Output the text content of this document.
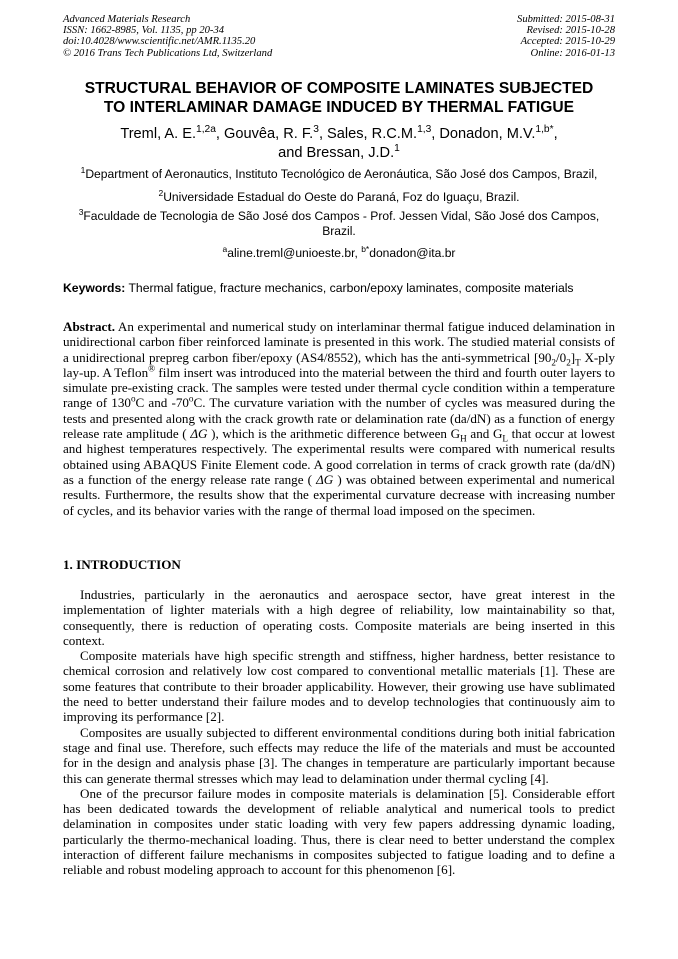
Advanced Materials Research
ISSN: 1662-8985, Vol. 1135, pp 20-34
doi:10.4028/www.scientific.net/AMR.1135.20
© 2016 Trans Tech Publications Ltd, Switzerland
Submitted: 2015-08-31
Revised: 2015-10-28
Accepted: 2015-10-29
Online: 2016-01-13
STRUCTURAL BEHAVIOR OF COMPOSITE LAMINATES SUBJECTED
TO INTERLAMINAR DAMAGE INDUCED BY THERMAL FATIGUE
Treml, A. E.$^{1,2a}$, Gouvêa, R. F.$^3$, Sales, R.C.M.$^{1,3}$, Donadon, M.V.$^{1,b*}$,
and Bressan, J.D.$^1$
$^1$Department of Aeronautics, Instituto Tecnológico de Aeronáutica, São José dos Campos, Brazil,
$^2$Universidade Estadual do Oeste do Paraná, Foz do Iguaçu, Brazil.
$^3$Faculdade de Tecnologia de São José dos Campos - Prof. Jessen Vidal, São José dos Campos, Brazil.
$^a$aline.treml@unioeste.br, $^{b*}$donadon@ita.br
Keywords: Thermal fatigue, fracture mechanics, carbon/epoxy laminates, composite materials

Abstract. An experimental and numerical study on interlaminar thermal fatigue induced delamination in unidirectional carbon fiber reinforced laminate is presented in this work. The studied material consists of a unidirectional prepreg carbon fiber/epoxy (AS4/8552), which has the anti-symmetrical $[90_2/0_2]_T$ X-ply lay-up. A Teflon® film insert was introduced into the material between the third and fourth outer layers to simulate pre-existing crack. The samples were tested under thermal cycle condition within a temperature range of 130$^o$C and -70$^o$C. The curvature variation with the number of cycles was measured during the tests and presented along with the crack growth rate or delamination rate (da/dN) as a function of energy release rate amplitude ( ΔG ), which is the arithmetic difference between $G_H$ and $G_L$ that occur at lowest and highest temperatures respectively. The experimental results were compared with numerical results obtained using ABAQUS Finite Element code. A good correlation in terms of crack growth rate (da/dN) as a function of the energy release rate range ( ΔG ) was obtained between experimental and numerical results. Furthermore, the results show that the experimental curvature decrease with increasing number of cycles, and its behavior varies with the range of thermal load imposed on the specimen.

1. INTRODUCTION

Industries, particularly in the aeronautics and aerospace sector, have great interest in the implementation of lighter materials with a high degree of reliability, low maintainability so that, consequently, there is reduction of operating costs. Composite materials are being inserted in this context.

Composite materials have high specific strength and stiffness, higher hardness, better resistance to chemical corrosion and relatively low cost compared to conventional metallic materials [1]. These are some features that contribute to their broader applicability. However, their growing use have sublimated the need to better understand their failure modes and to develop technologies that continuously aim to improving its performance [2].

Composites are usually subjected to different environmental conditions during both initial fabrication stage and final use. Therefore, such effects may reduce the life of the materials and must be accounted for in the design and analysis phase [3]. The changes in temperature are particularly important because this can generate thermal stresses which may lead to delamination under thermal cycling [4].

One of the precursor failure modes in composite materials is delamination [5]. Considerable effort has been dedicated towards the development of reliable analytical and numerical tools to predict delamination in composites under static loading with very few papers addressing dynamic loading, particularly the thermo-mechanical loading. Thus, there is clear need to better understand the complex interaction of different failure mechanisms in composites subjected to fatigue loading and to define a reliable and robust modeling approach to account for this phenomenon [6].
